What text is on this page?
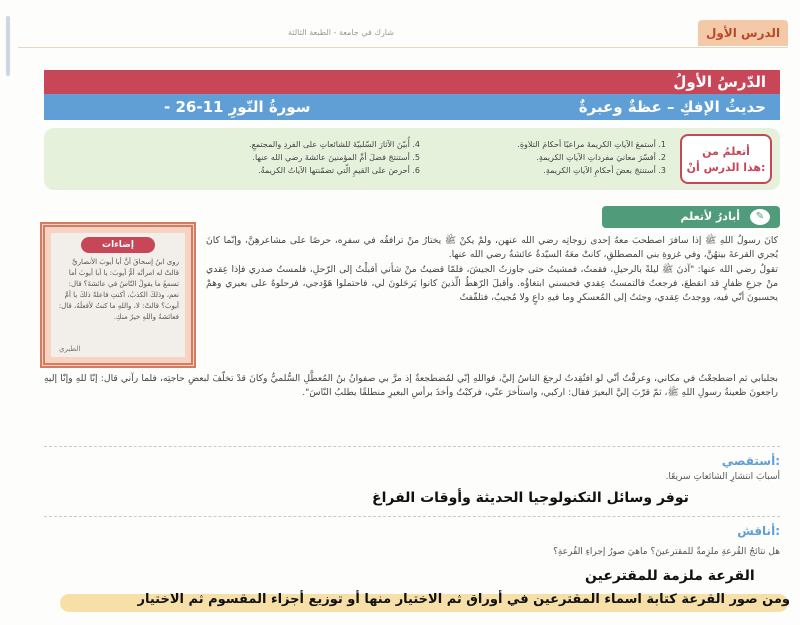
شارك في جامعة - الطبعة الثالثة	الدرس الأول
الدّرسُ الأولُ
حديثُ الإفكِ – عظةٌ وعبرةٌ
- سورةُ النّورِ 11-26
أتعلمُ من
هذا الدرس أنْ:
1. أستمعَ الآياتِ الكريمةَ مراعيًا أحكامَ التلاوةِ.
2. أفسّرَ معانيَ مفرداتِ الآياتِ الكريمةِ.
3. أستنتجَ بعضَ أحكامِ الآياتِ الكريمةِ.
4. أُبيّنَ الآثارَ السّلبيّةَ للشائعاتِ على الفردِ والمجتمعِ.
5. أستنتجَ فضلَ أمِّ المؤمنينَ عائشةَ رضي الله عنها.
6. أحرصَ على القيمِ الّتي تضمّنتها الآياتُ الكريمةُ.
✎
أبادرُ لأتعلم
إضاءات
روى ابنُ إسحاقَ أنَّ أبا أيوبَ الأنصاريَّ قالتْ له امرأتُه أمُّ أيوبَ: يا أبا أيوبَ أما تسمعُ ما يقولُ النّاسُ في عائشةَ؟ قال: نعم، وذلكَ الكذبُ، أكنتِ فاعلةً ذلكَ يا أمَّ أيوبَ؟ قالتْ: لا، واللهِ ما كنتُ لأفعلَهُ، قال: فعائشةُ واللهِ خيرٌ منكِ.
الطبري

كانَ رسولُ اللهِ ﷺ إذا سافرَ اصطحبَ معهُ إحدى زوجاتِه رضي الله عنهن، ولمْ يكنْ ﷺ يختارُ منْ ترافقُه في سفرِه، حرصًا على مشاعرهِنَّ، وإنّما كانَ يُجري القرعةَ بينهُنَّ، وفي غزوةِ بني المصطلقِ، كانتْ معَهُ السيّدةُ عائشةُ رضي الله عنها.

تقولُ رضي الله عنها: "آذنَ ﷺ ليلةً بالرحيلِ، فقمتُ، فمشيتُ حتى جاوزتُ الجيشَ، فلمّا قضيتُ منْ شأني أقبلْتُ إلى الرّحلِ، فلمستُ صدري فإذا عِقدي منْ جزعِ ظفارٍ قد انقطعَ، فرجعتُ فالتمستُ عِقدي فحبسني ابتغاؤُه. وأقبلَ الرّهطُ الّذينَ كانوا يَرحَلونَ لي، فاحتملوا هَوْدجي، فرحلوهُ على بعيري وهمْ يحسبونَ أنّي فيه، ووجدتُ عِقدي، وجئتُ إلى المُعسكرِ وما فيهِ داعٍ ولا مُجيبٌ، فتلفّفتُ

بجلبابي ثم اضطجعْتُ في مكاني، وعرفْتُ أنّي لو افتُقِدتُ لرجعَ الناسُ إليَّ، فواللهِ إنّي لمُضطجعةٌ إذ مرَّ بي صفوانُ بنُ المُعطَّلِ السُّلميُّ وكانَ قدْ تخلّفَ لبعضِ حاجتِه، فلما رآني قال: إنّا للهِ وإنّا إليهِ راجعونَ ظعينةُ رسولِ اللهِ ﷺ، ثمّ قرّبَ إليَّ البعيرَ فقال: اركبي، واستأخرَ عنّي، فركبْتُ وأخذَ برأسِ البعيرِ منطلقًا يطلبُ النّاسَ".

أستقصي:
أسبابَ انتشارِ الشائعاتِ سريعًا.
أناقش:
هل نتائجُ القُرعةِ ملزِمةٌ للمقترعينَ؟ ماهيَ صورُ إجراءِ القُرعةِ؟
توفر وسائل التكنولوجيا الحديثة وأوقات الفراغ
القرعة ملزمة للمقترعين
ومن صور القرعة كتابة اسماء المقترعين في أوراق ثم الاختيار منها أو توزيع أجزاء المقسوم ثم الاختيار
